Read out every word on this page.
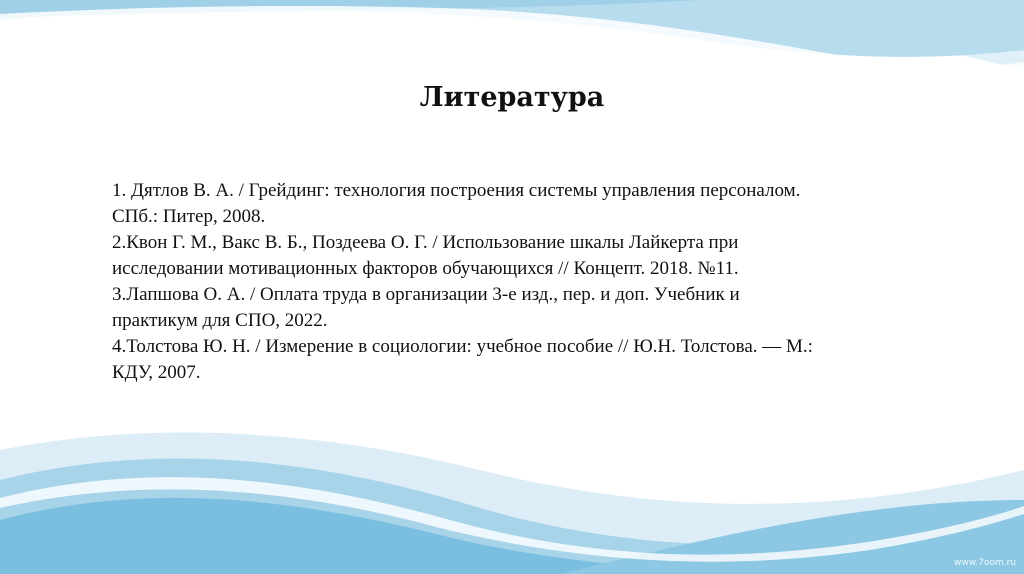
Литература
1. Дятлов В. А. / Грейдинг: технология построения системы управления персоналом.
СПб.: Питер, 2008.
2.Квон Г. М., Вакс В. Б., Поздеева О. Г. / Использование шкалы Лайкерта при
исследовании мотивационных факторов обучающихся // Концепт. 2018. №11.
3.Лапшова О. А. / Оплата труда в организации 3-е изд., пер. и доп. Учебник и
практикум для СПО, 2022.
4.Толстова Ю. Н. / Измерение в социологии: учебное пособие // Ю.Н. Толстова. — М.:
КДУ, 2007.
www.7oom.ru
